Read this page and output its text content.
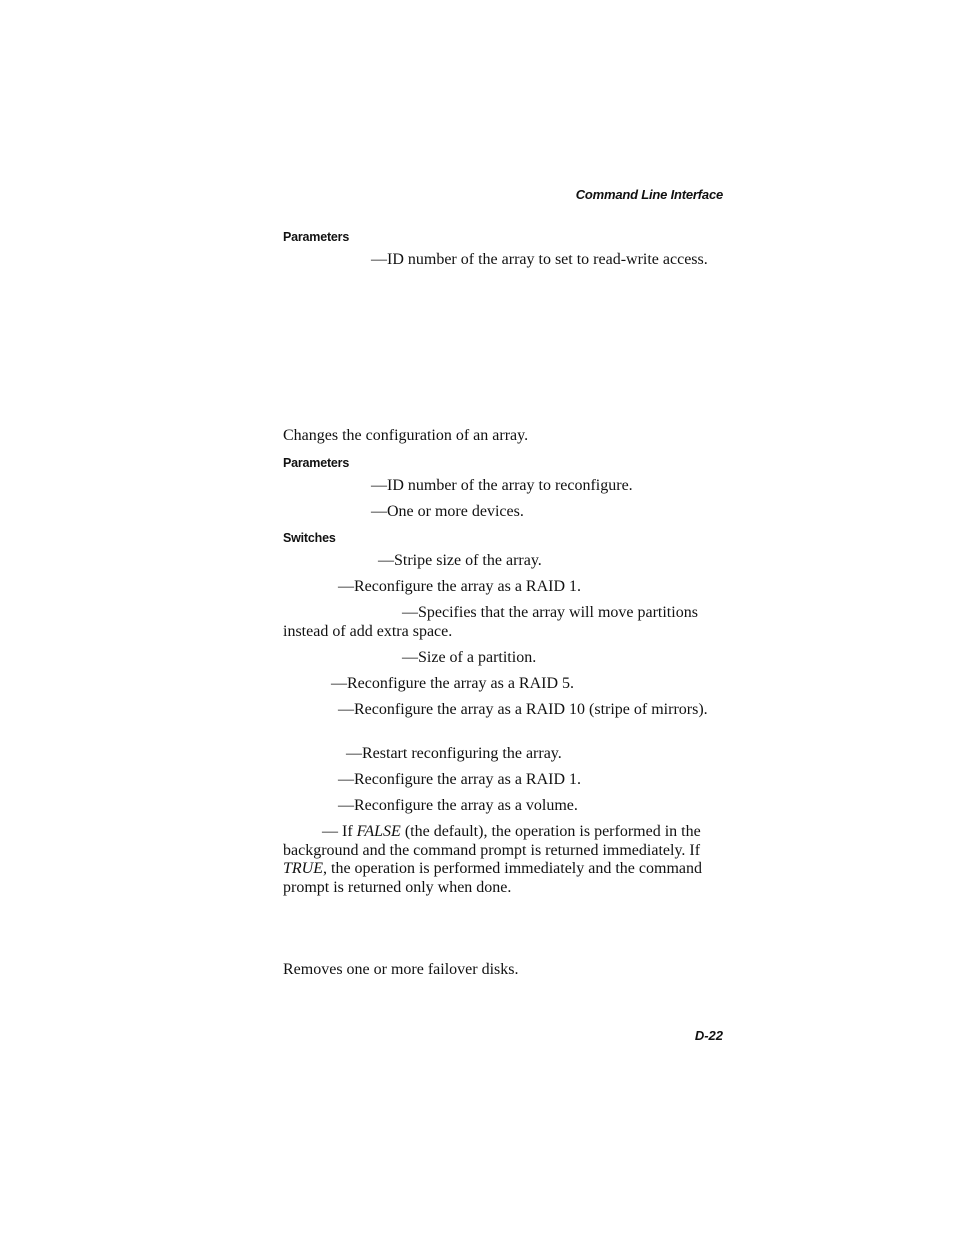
Command Line Interface
Parameters
—ID number of the array to set to read-write access.
Changes the configuration of an array.
Parameters
—ID number of the array to reconfigure.
—One or more devices.
Switches
—Stripe size of the array.
—Reconfigure the array as a RAID 1.
—Specifies that the array will move partitions instead of add extra space.
—Size of a partition.
—Reconfigure the array as a RAID 5.
—Reconfigure the array as a RAID 10 (stripe of mirrors).
—Restart reconfiguring the array.
—Reconfigure the array as a RAID 1.
—Reconfigure the array as a volume.
— If FALSE (the default), the operation is performed in the background and the command prompt is returned immediately. If TRUE, the operation is performed immediately and the command prompt is returned only when done.
Removes one or more failover disks.
D-22
